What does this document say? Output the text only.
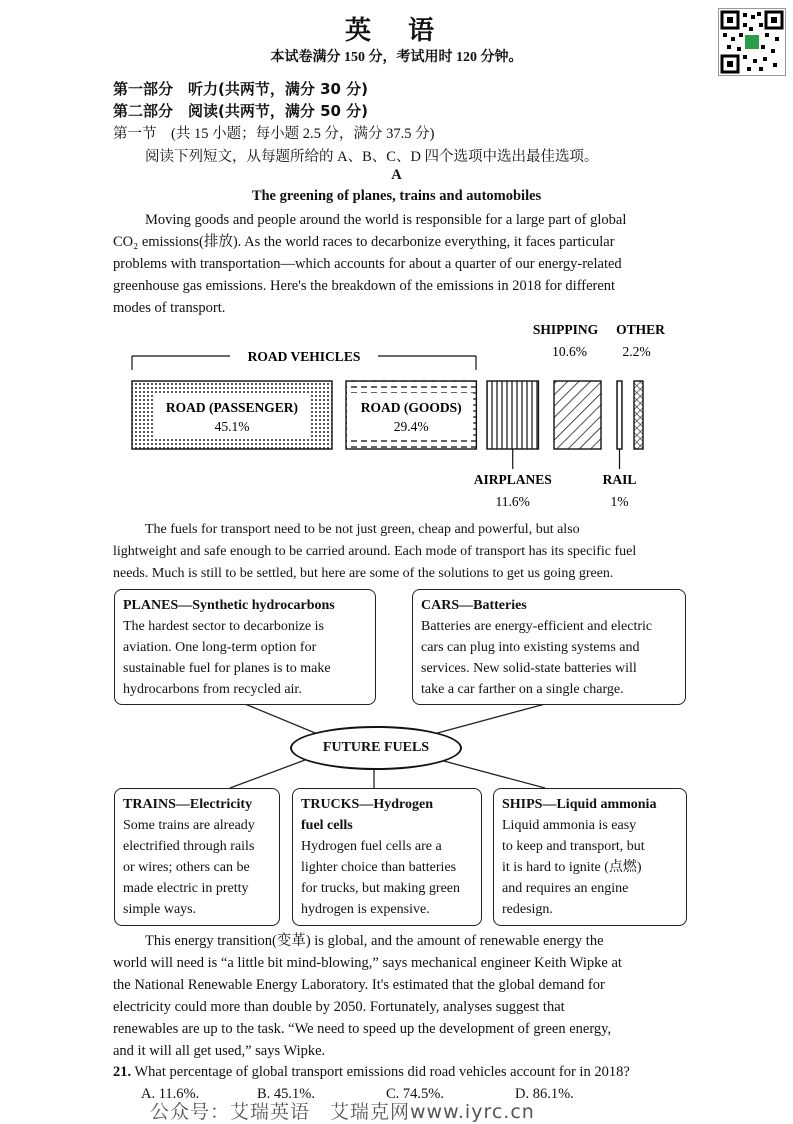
英 语
本试卷满分 150 分，考试用时 120 分钟。
第一部分　听力(共两节，满分 30 分)
第二部分　阅读(共两节，满分 50 分)
第一节　(共 15 小题；每小题 2.5 分，满分 37.5 分)
阅读下列短文，从每题所给的 A、B、C、D 四个选项中选出最佳选项。
A
The greening of planes, trains and automobiles

Moving goods and people around the world is responsible for a large part of global

CO₂ emissions(排放). As the world races to decarbonize everything, it faces particular

problems with transportation—which accounts for about a quarter of our energy-related

greenhouse gas emissions. Here's the breakdown of the emissions in 2018 for different

modes of transport.

ROAD VEHICLES
ROAD (PASSENGER)
45.1%
ROAD (GOODS)
29.4%
AIRPLANES
11.6%
SHIPPING
10.6%
RAIL
1%
OTHER
2.2%

The fuels for transport need to be not just green, cheap and powerful, but also

lightweight and safe enough to be carried around. Each mode of transport has its specific fuel

needs. Much is still to be settled, but here are some of the solutions to get us going green.

PLANES—Synthetic hydrocarbons
The hardest sector to decarbonize is
aviation. One long-term option for
sustainable fuel for planes is to make
hydrocarbons from recycled air.
CARS—Batteries
Batteries are energy-efficient and electric
cars can plug into existing systems and
services. New solid-state batteries will
take a car farther on a single charge.
FUTURE FUELS
TRAINS—Electricity
Some trains are already
electrified through rails
or wires; others can be
made electric in pretty
simple ways.
TRUCKS—Hydrogen
fuel cells
Hydrogen fuel cells are a
lighter choice than batteries
for trucks, but making green
hydrogen is expensive.
SHIPS—Liquid ammonia
Liquid ammonia is easy
to keep and transport, but
it is hard to ignite (点燃)
and requires an engine
redesign.

This energy transition(变革) is global, and the amount of renewable energy the

world will need is “a little bit mind-blowing,” says mechanical engineer Keith Wipke at

the National Renewable Energy Laboratory. It's estimated that the global demand for

electricity could more than double by 2050. Fortunately, analyses suggest that

renewables are up to the task. “We need to speed up the development of green energy,

and it will all get used,” says Wipke.

21. What percentage of global transport emissions did road vehicles account for in 2018?
A. 11.6%.	B. 45.1%.	C. 74.5%.	D. 86.1%.
公众号：艾瑞英语　艾瑞克网www.iyrc.cn
